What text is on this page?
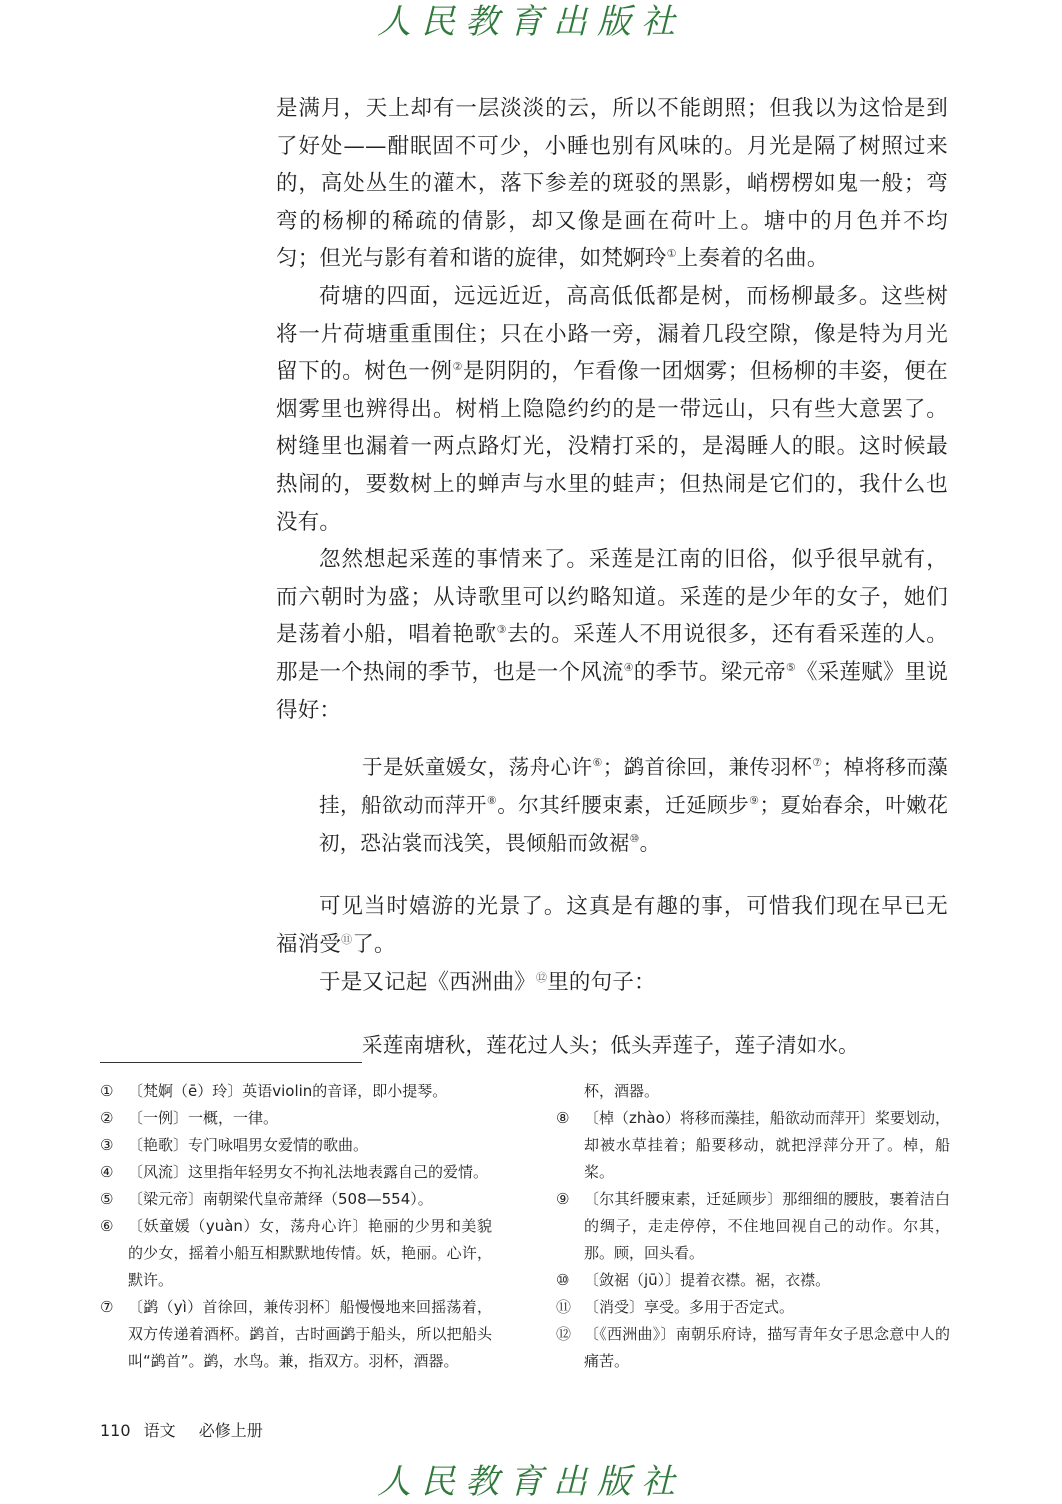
人民教育出版社

是满月，天上却有一层淡淡的云，所以不能朗照；但我以为这恰是到了好处——酣眠固不可少，小睡也别有风味的。月光是隔了树照过来的，高处丛生的灌木，落下参差的斑驳的黑影，峭楞楞如鬼一般；弯弯的杨柳的稀疏的倩影，却又像是画在荷叶上。塘中的月色并不均匀；但光与影有着和谐的旋律，如梵婀玲①上奏着的名曲。

荷塘的四面，远远近近，高高低低都是树，而杨柳最多。这些树将一片荷塘重重围住；只在小路一旁，漏着几段空隙，像是特为月光留下的。树色一例②是阴阴的，乍看像一团烟雾；但杨柳的丰姿，便在烟雾里也辨得出。树梢上隐隐约约的是一带远山，只有些大意罢了。树缝里也漏着一两点路灯光，没精打采的，是渴睡人的眼。这时候最热闹的，要数树上的蝉声与水里的蛙声；但热闹是它们的，我什么也没有。

忽然想起采莲的事情来了。采莲是江南的旧俗，似乎很早就有，而六朝时为盛；从诗歌里可以约略知道。采莲的是少年的女子，她们是荡着小船，唱着艳歌③去的。采莲人不用说很多，还有看采莲的人。那是一个热闹的季节，也是一个风流④的季节。梁元帝⑤《采莲赋》里说得好：

于是妖童媛女，荡舟心许⑥；鹢首徐回，兼传羽杯⑦；棹将移而藻挂，船欲动而萍开⑧。尔其纤腰束素，迁延顾步⑨；夏始春余，叶嫩花初，恐沾裳而浅笑，畏倾船而敛裾⑩。

可见当时嬉游的光景了。这真是有趣的事，可惜我们现在早已无福消受⑪了。

于是又记起《西洲曲》⑫里的句子：

采莲南塘秋，莲花过人头；低头弄莲子，莲子清如水。

① 〔梵婀（ē）玲〕英语violin的音译，即小提琴。
② 〔一例〕一概，一律。
③ 〔艳歌〕专门咏唱男女爱情的歌曲。
④ 〔风流〕这里指年轻男女不拘礼法地表露自己的爱情。
⑤ 〔梁元帝〕南朝梁代皇帝萧绎（508—554）。
⑥ 〔妖童媛（yuàn）女，荡舟心许〕艳丽的少男和美貌的少女，摇着小船互相默默地传情。妖，艳丽。心许，默许。
⑦ 〔鹢（yì）首徐回，兼传羽杯〕船慢慢地来回摇荡着，双方传递着酒杯。鹢首，古时画鹢于船头，所以把船头叫“鹢首”。鹢，水鸟。兼，指双方。羽杯，酒器。
杯，酒器。
⑧ 〔棹（zhào）将移而藻挂，船欲动而萍开〕桨要划动，却被水草挂着；船要移动，就把浮萍分开了。棹，船桨。
⑨ 〔尔其纤腰束素，迁延顾步〕那细细的腰肢，裹着洁白的绸子，走走停停，不住地回视自己的动作。尔其，那。顾，回头看。
⑩ 〔敛裾（jū）〕提着衣襟。裾，衣襟。
⑪ 〔消受〕享受。多用于否定式。
⑫ 〔《西洲曲》〕南朝乐府诗，描写青年女子思念意中人的痛苦。
110 语文 必修上册
人民教育出版社
